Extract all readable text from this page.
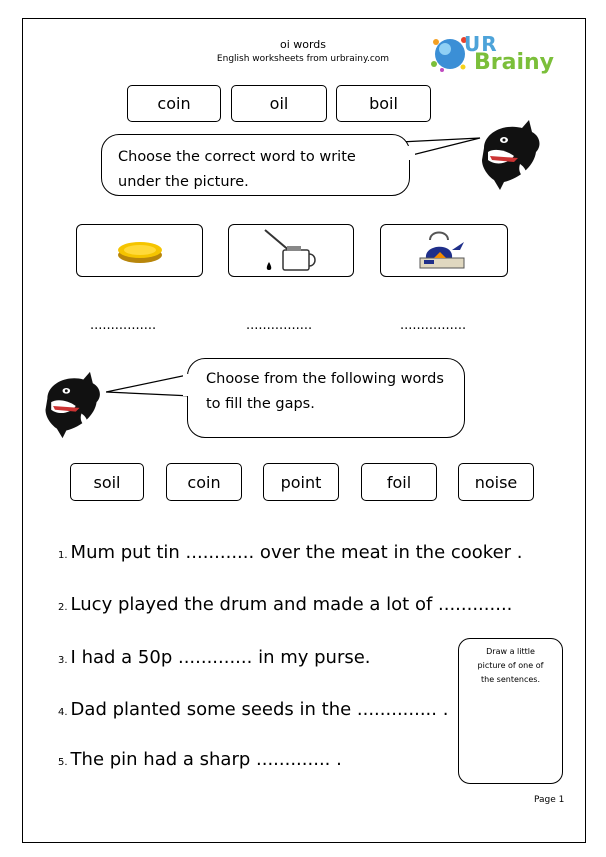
oi words
English worksheets from urbrainy.com
UR
Brainy
coin	oil	boil
Choose the correct word to write under the picture.
................	................	................
Choose from the following words to fill the gaps.
soil	coin	point	foil	noise
1. Mum put tin ............ over the meat in the cooker .
2. Lucy played the drum and made a lot of .............
3. I had a 50p ............. in my purse.
4. Dad planted some seeds in the .............. .
5. The pin had a sharp ............. .
Draw a little picture of one of the sentences.
Page 1
